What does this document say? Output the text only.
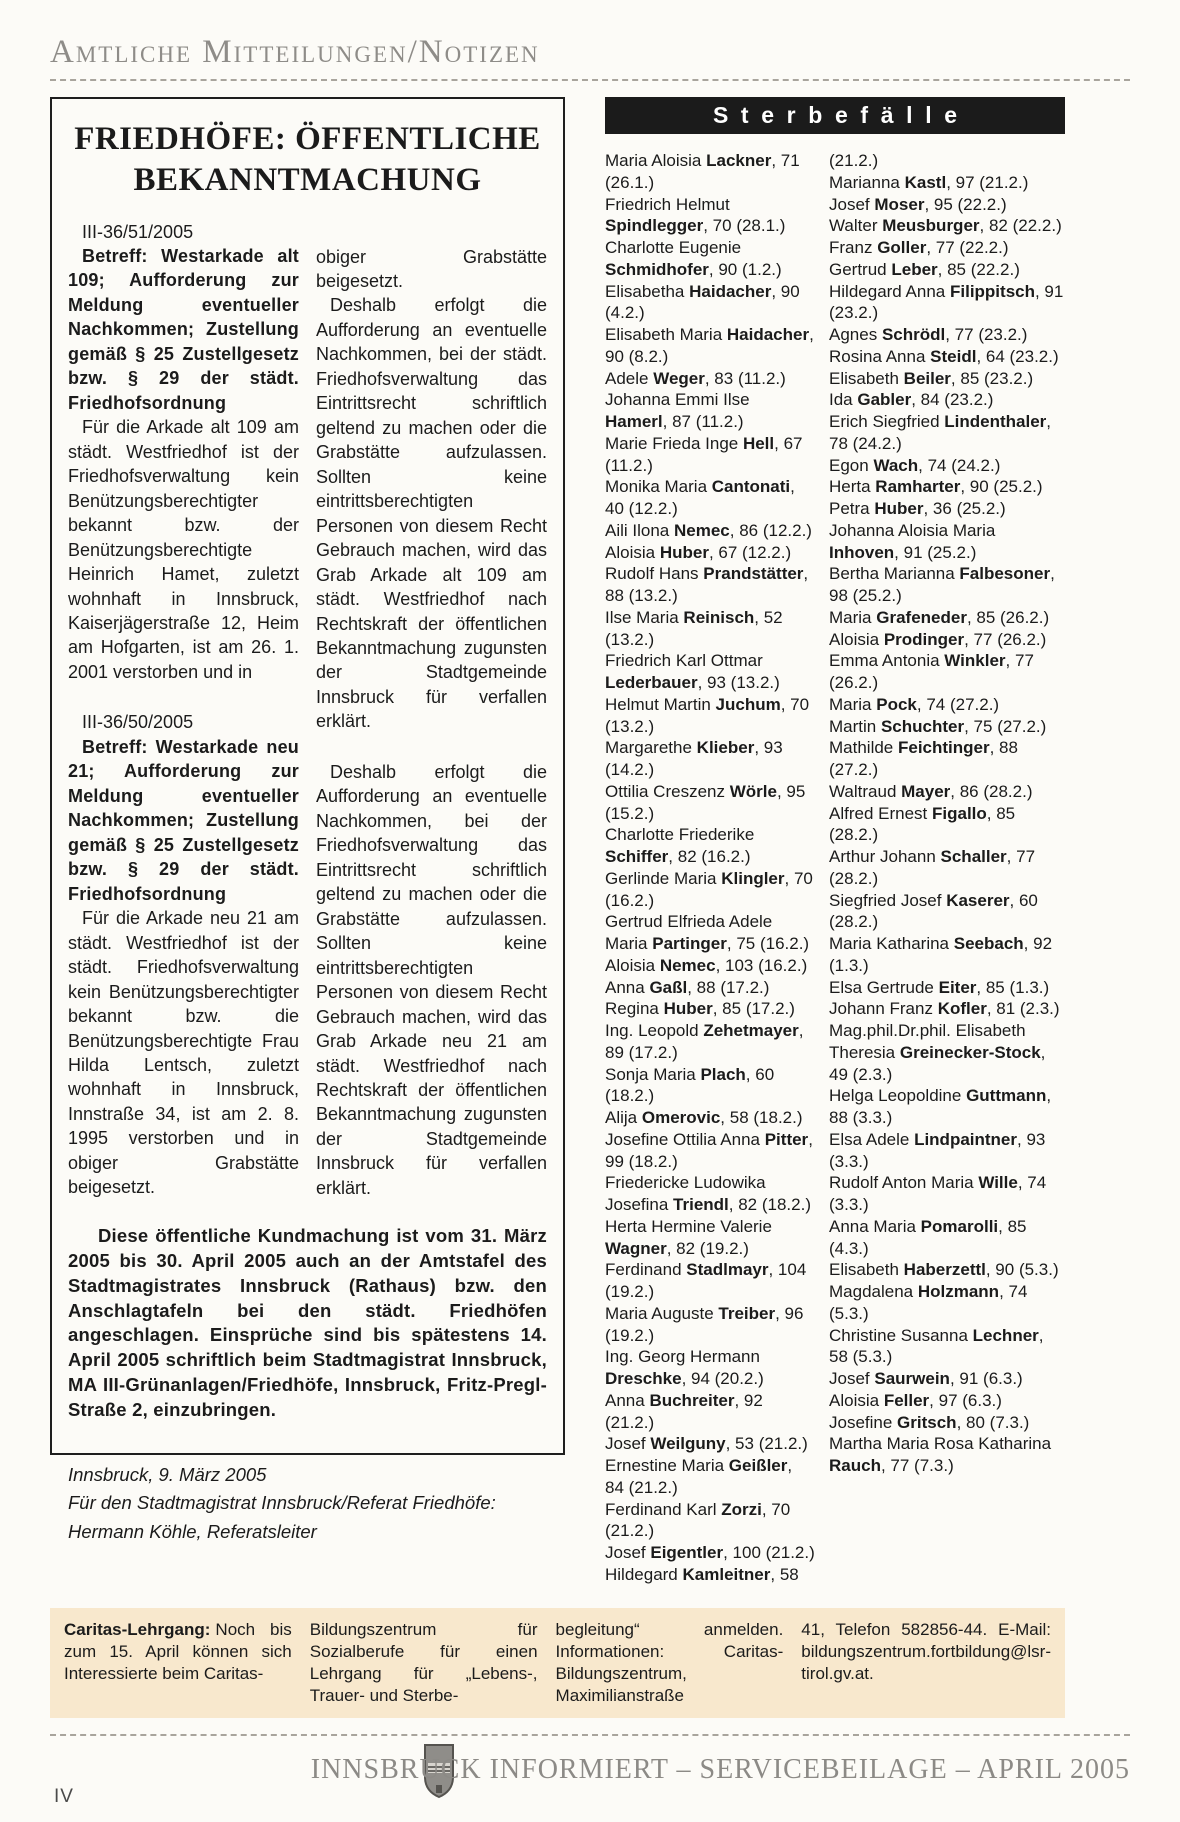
Amtliche Mitteilungen/Notizen
FRIEDHÖFE: ÖFFENTLICHE
BEKANNTMACHUNG

III-36/51/2005

Betreff: Westarkade alt 109; Aufforderung zur Meldung eventueller Nachkommen; Zustellung gemäß § 25 Zustellgesetz bzw. § 29 der städt. Friedhofsordnung

Für die Arkade alt 109 am städt. Westfriedhof ist der Friedhofsverwaltung kein Benützungsberechtigter bekannt bzw. der Benützungsberechtigte Heinrich Hamet, zuletzt wohnhaft in Innsbruck, Kaiserjägerstraße 12, Heim am Hofgarten, ist am 26. 1. 2001 verstorben und in

III-36/50/2005

Betreff: Westarkade neu 21; Aufforderung zur Meldung eventueller Nachkommen; Zustellung gemäß § 25 Zustellgesetz bzw. § 29 der städt. Friedhofsordnung

Für die Arkade neu 21 am städt. Westfriedhof ist der städt. Friedhofsverwaltung kein Benützungsberechtigter bekannt bzw. die Benützungsberechtigte Frau Hilda Lentsch, zuletzt wohnhaft in Innsbruck, Innstraße 34, ist am 2. 8. 1995 verstorben und in obiger Grabstätte beigesetzt.

obiger Grabstätte beigesetzt.

Deshalb erfolgt die Aufforderung an eventuelle Nachkommen, bei der städt. Friedhofsverwaltung das Eintrittsrecht schriftlich geltend zu machen oder die Grabstätte aufzulassen. Sollten keine eintrittsberechtigten Personen von diesem Recht Gebrauch machen, wird das Grab Arkade alt 109 am städt. Westfriedhof nach Rechtskraft der öffentlichen Bekanntmachung zugunsten der Stadtgemeinde Innsbruck für verfallen erklärt.

Deshalb erfolgt die Aufforderung an eventuelle Nachkommen, bei der Friedhofsverwaltung das Eintrittsrecht schriftlich geltend zu machen oder die Grabstätte aufzulassen. Sollten keine eintrittsberechtigten Personen von diesem Recht Gebrauch machen, wird das Grab Arkade neu 21 am städt. Westfriedhof nach Rechtskraft der öffentlichen Bekanntmachung zugunsten der Stadtgemeinde Innsbruck für verfallen erklärt.

Diese öffentliche Kundmachung ist vom 31. März 2005 bis 30. April 2005 auch an der Amtstafel des Stadtmagistrates Innsbruck (Rathaus) bzw. den Anschlagtafeln bei den städt. Friedhöfen angeschlagen. Einsprüche sind bis spätestens 14. April 2005 schriftlich beim Stadtmagistrat Innsbruck, MA III-Grünanlagen/Friedhöfe, Innsbruck, Fritz-Pregl-Straße 2, einzubringen.

Innsbruck, 9. März 2005

Für den Stadtmagistrat Innsbruck/Referat Friedhöfe: Hermann Köhle, Referatsleiter

Sterbefälle

Maria Aloisia Lackner, 71 (26.1.)

Friedrich Helmut Spindlegger, 70 (28.1.)

Charlotte Eugenie Schmidhofer, 90 (1.2.)

Elisabetha Haidacher, 90 (4.2.)

Elisabeth Maria Haidacher, 90 (8.2.)

Adele Weger, 83 (11.2.)

Johanna Emmi Ilse Hamerl, 87 (11.2.)

Marie Frieda Inge Hell, 67 (11.2.)

Monika Maria Cantonati, 40 (12.2.)

Aili Ilona Nemec, 86 (12.2.)

Aloisia Huber, 67 (12.2.)

Rudolf Hans Prandstätter, 88 (13.2.)

Ilse Maria Reinisch, 52 (13.2.)

Friedrich Karl Ottmar Lederbauer, 93 (13.2.)

Helmut Martin Juchum, 70 (13.2.)

Margarethe Klieber, 93 (14.2.)

Ottilia Creszenz Wörle, 95 (15.2.)

Charlotte Friederike Schiffer, 82 (16.2.)

Gerlinde Maria Klingler, 70 (16.2.)

Gertrud Elfrieda Adele Maria Partinger, 75 (16.2.)

Aloisia Nemec, 103 (16.2.)

Anna Gaßl, 88 (17.2.)

Regina Huber, 85 (17.2.)

Ing. Leopold Zehetmayer, 89 (17.2.)

Sonja Maria Plach, 60 (18.2.)

Alija Omerovic, 58 (18.2.)

Josefine Ottilia Anna Pitter, 99 (18.2.)

Friedericke Ludowika Josefina Triendl, 82 (18.2.)

Herta Hermine Valerie Wagner, 82 (19.2.)

Ferdinand Stadlmayr, 104 (19.2.)

Maria Auguste Treiber, 96 (19.2.)

Ing. Georg Hermann Dreschke, 94 (20.2.)

Anna Buchreiter, 92 (21.2.)

Josef Weilguny, 53 (21.2.)

Ernestine Maria Geißler, 84 (21.2.)

Ferdinand Karl Zorzi, 70 (21.2.)

Josef Eigentler, 100 (21.2.)

Hildegard Kamleitner, 58

(21.2.)

Marianna Kastl, 97 (21.2.)

Josef Moser, 95 (22.2.)

Walter Meusburger, 82 (22.2.)

Franz Goller, 77 (22.2.)

Gertrud Leber, 85 (22.2.)

Hildegard Anna Filippitsch, 91 (23.2.)

Agnes Schrödl, 77 (23.2.)

Rosina Anna Steidl, 64 (23.2.)

Elisabeth Beiler, 85 (23.2.)

Ida Gabler, 84 (23.2.)

Erich Siegfried Lindenthaler, 78 (24.2.)

Egon Wach, 74 (24.2.)

Herta Ramharter, 90 (25.2.)

Petra Huber, 36 (25.2.)

Johanna Aloisia Maria Inhoven, 91 (25.2.)

Bertha Marianna Falbesoner, 98 (25.2.)

Maria Grafeneder, 85 (26.2.)

Aloisia Prodinger, 77 (26.2.)

Emma Antonia Winkler, 77 (26.2.)

Maria Pock, 74 (27.2.)

Martin Schuchter, 75 (27.2.)

Mathilde Feichtinger, 88 (27.2.)

Waltraud Mayer, 86 (28.2.)

Alfred Ernest Figallo, 85 (28.2.)

Arthur Johann Schaller, 77 (28.2.)

Siegfried Josef Kaserer, 60 (28.2.)

Maria Katharina Seebach, 92 (1.3.)

Elsa Gertrude Eiter, 85 (1.3.)

Johann Franz Kofler, 81 (2.3.)

Mag.phil.Dr.phil. Elisabeth Theresia Greinecker-Stock, 49 (2.3.)

Helga Leopoldine Guttmann, 88 (3.3.)

Elsa Adele Lindpaintner, 93 (3.3.)

Rudolf Anton Maria Wille, 74 (3.3.)

Anna Maria Pomarolli, 85 (4.3.)

Elisabeth Haberzettl, 90 (5.3.)

Magdalena Holzmann, 74 (5.3.)

Christine Susanna Lechner, 58 (5.3.)

Josef Saurwein, 91 (6.3.)

Aloisia Feller, 97 (6.3.)

Josefine Gritsch, 80 (7.3.)

Martha Maria Rosa Katharina Rauch, 77 (7.3.)

Caritas-Lehrgang: Noch bis zum 15. April können sich Interessierte beim Caritas-
Bildungszentrum für Sozialberufe für einen Lehrgang für „Lebens-, Trauer- und Sterbe-
begleitung“ anmelden. Informationen: Caritas-Bildungszentrum, Maximilianstraße
41, Telefon 582856-44. E-Mail: bildungszentrum.fortbildung@lsr-tirol.gv.at.
IV
INNSBRUCK INFORMIERT – SERVICEBEILAGE – APRIL 2005
